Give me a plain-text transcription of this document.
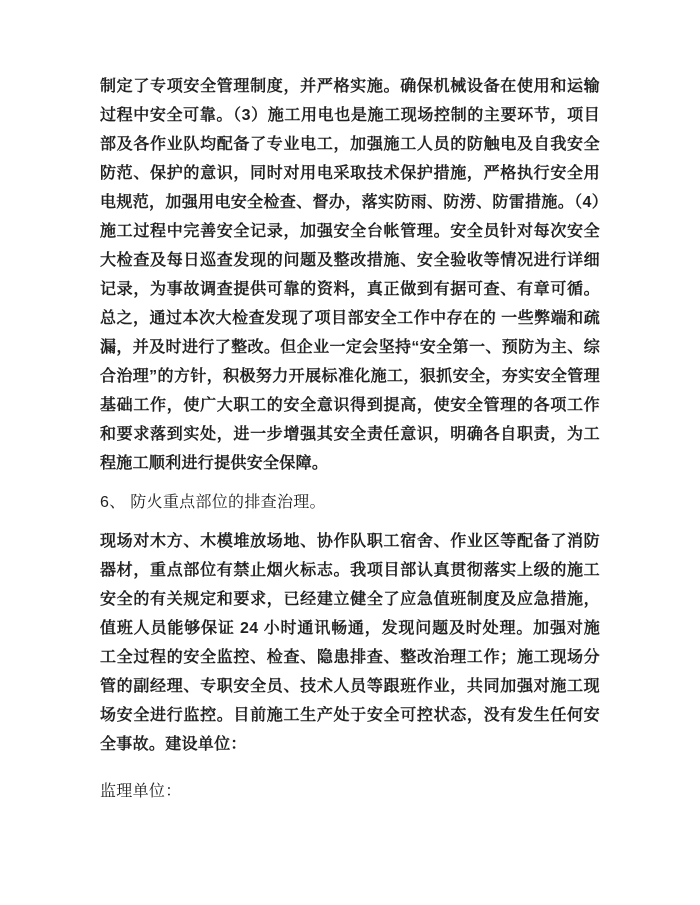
制定了专项安全管理制度，并严格实施。确保机械设备在使用和运输过程中安全可靠。（3）施工用电也是施工现场控制的主要环节，项目部及各作业队均配备了专业电工，加强施工人员的防触电及自我安全防范、保护的意识，同时对用电采取技术保护措施，严格执行安全用电规范，加强用电安全检查、督办，落实防雨、防涝、防雷措施。（4）施工过程中完善安全记录，加强安全台帐管理。安全员针对每次安全大检查及每日巡查发现的问题及整改措施、安全验收等情况进行详细记录，为事故调查提供可靠的资料，真正做到有据可查、有章可循。总之，通过本次大检查发现了项目部安全工作中存在的 一些弊端和疏漏，并及时进行了整改。但企业一定会坚持“安全第一、预防为主、综合治理”的方针，积极努力开展标准化施工，狠抓安全，夯实安全管理基础工作，使广大职工的安全意识得到提高，使安全管理的各项工作和要求落到实处，进一步增强其安全责任意识，明确各自职责，为工程施工顺利进行提供安全保障。

6、 防火重点部位的排查治理。

现场对木方、木模堆放场地、协作队职工宿舍、作业区等配备了消防器材，重点部位有禁止烟火标志。我项目部认真贯彻落实上级的施工安全的有关规定和要求，已经建立健全了应急值班制度及应急措施，值班人员能够保证 24 小时通讯畅通，发现问题及时处理。加强对施工全过程的安全监控、检查、隐患排查、整改治理工作；施工现场分管的副经理、专职安全员、技术人员等跟班作业，共同加强对施工现场安全进行监控。目前施工生产处于安全可控状态，没有发生任何安全事故。建设单位：

监理单位：
